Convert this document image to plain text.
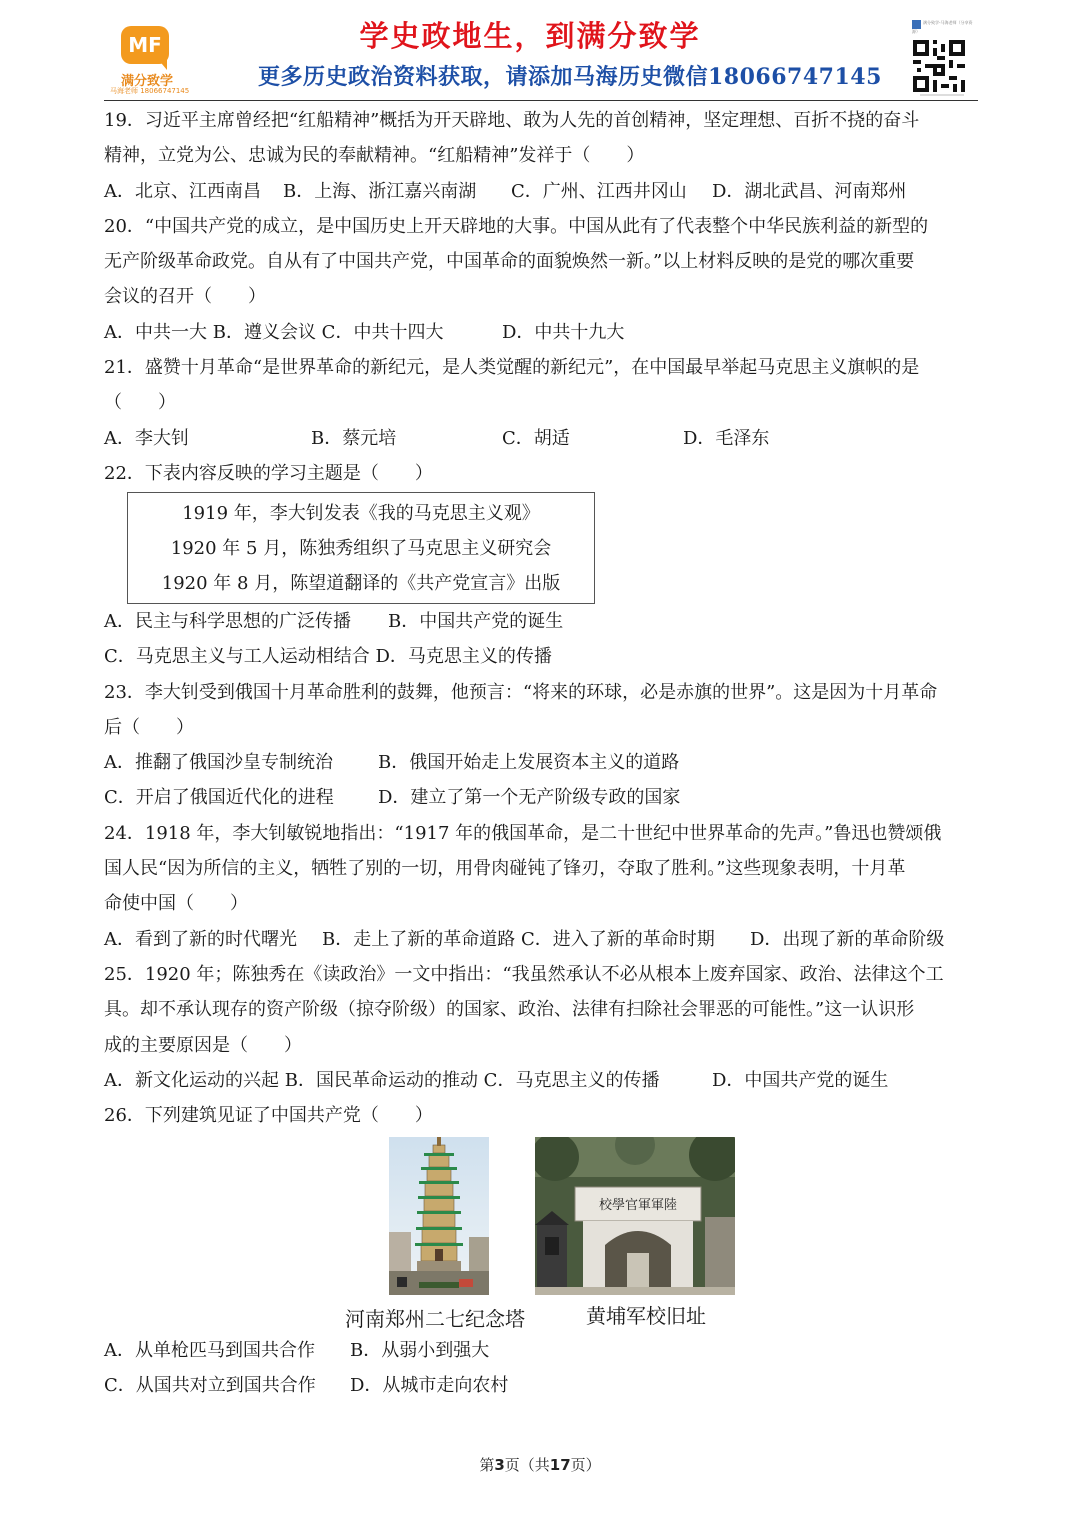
MF
满分致学
马海老师 18066747145
学史政地生，到满分致学
更多历史政治资料获取，请添加马海历史微信18066747145
满分致学-马海老师（分享资源）
19．习近平主席曾经把“红船精神”概括为开天辟地、敢为人先的首创精神，坚定理想、百折不挠的奋斗
精神，立党为公、忠诚为民的奉献精神。“红船精神”发祥于（　　）
A．北京、江西南昌 B．上海、浙江嘉兴南湖 C．广州、江西井冈山 D．湖北武昌、河南郑州
20．“中国共产党的成立，是中国历史上开天辟地的大事。中国从此有了代表整个中华民族利益的新型的
无产阶级革命政党。自从有了中国共产党，中国革命的面貌焕然一新。”以上材料反映的是党的哪次重要
会议的召开（　　）
A．中共一大 B．遵义会议 C．中共十四大	D．中共十九大
21．盛赞十月革命“是世界革命的新纪元，是人类觉醒的新纪元”，在中国最早举起马克思主义旗帜的是
（　　）
A．李大钊	B．蔡元培	C．胡适	D．毛泽东
22．下表内容反映的学习主题是（　　）
1919 年，李大钊发表《我的马克思主义观》
1920 年 5 月，陈独秀组织了马克思主义研究会
1920 年 8 月，陈望道翻译的《共产党宣言》出版
A．民主与科学思想的广泛传播 B．中国共产党的诞生
C．马克思主义与工人运动相结合 D．马克思主义的传播
23．李大钊受到俄国十月革命胜利的鼓舞，他预言：“将来的环球，必是赤旗的世界”。这是因为十月革命
后（　　）
A．推翻了俄国沙皇专制统治	B．俄国开始走上发展资本主义的道路
C．开启了俄国近代化的进程 D．建立了第一个无产阶级专政的国家
24．1918 年，李大钊敏锐地指出：“1917 年的俄国革命，是二十世纪中世界革命的先声。”鲁迅也赞颂俄
国人民“因为所信的主义，牺牲了别的一切，用骨肉碰钝了锋刃，夺取了胜利。”这些现象表明，十月革
命使中国（　　）
A．看到了新的时代曙光 B．走上了新的革命道路 C．进入了新的革命时期 D．出现了新的革命阶级
25．1920 年；陈独秀在《读政治》一文中指出：“我虽然承认不必从根本上废弃国家、政治、法律这个工
具。却不承认现存的资产阶级（掠夺阶级）的国家、政治、法律有扫除社会罪恶的可能性。”这一认识形
成的主要原因是（　　）
A．新文化运动的兴起 B．国民革命运动的推动 C．马克思主义的传播	D．中国共产党的诞生
26．下列建筑见证了中国共产党（　　）
校學官軍軍陸
河南郑州二七纪念塔	黄埔军校旧址
A．从单枪匹马到国共合作 B．从弱小到强大
C．从国共对立到国共合作 D．从城市走向农村
第3页（共17页）
